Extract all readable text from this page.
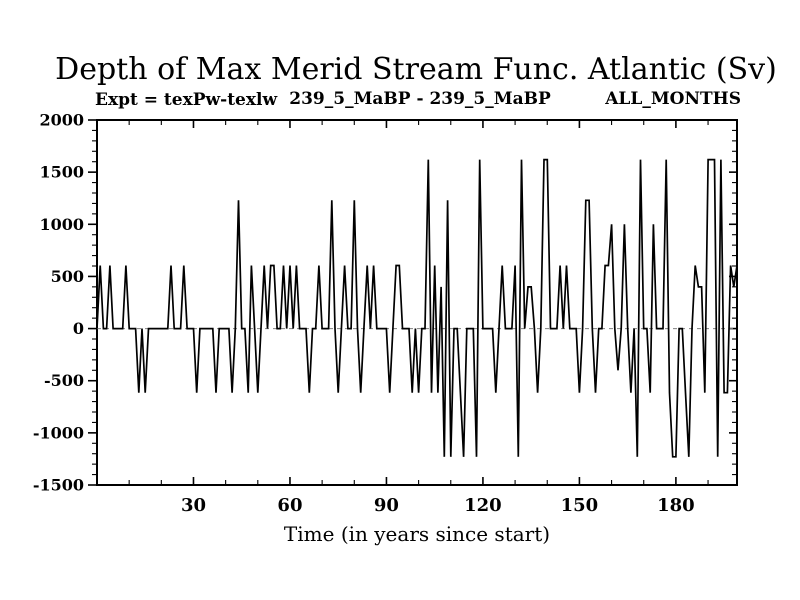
Depth of Max Merid Stream Func. Atlantic (Sv)
Expt = texPw-texlw 239_5_MaBP - 239_5_MaBP	ALL_MONTHS
2000
1500
1000
500
0
-500
-1000
-1500
30	60	90	120	150	180
Time (in years since start)
